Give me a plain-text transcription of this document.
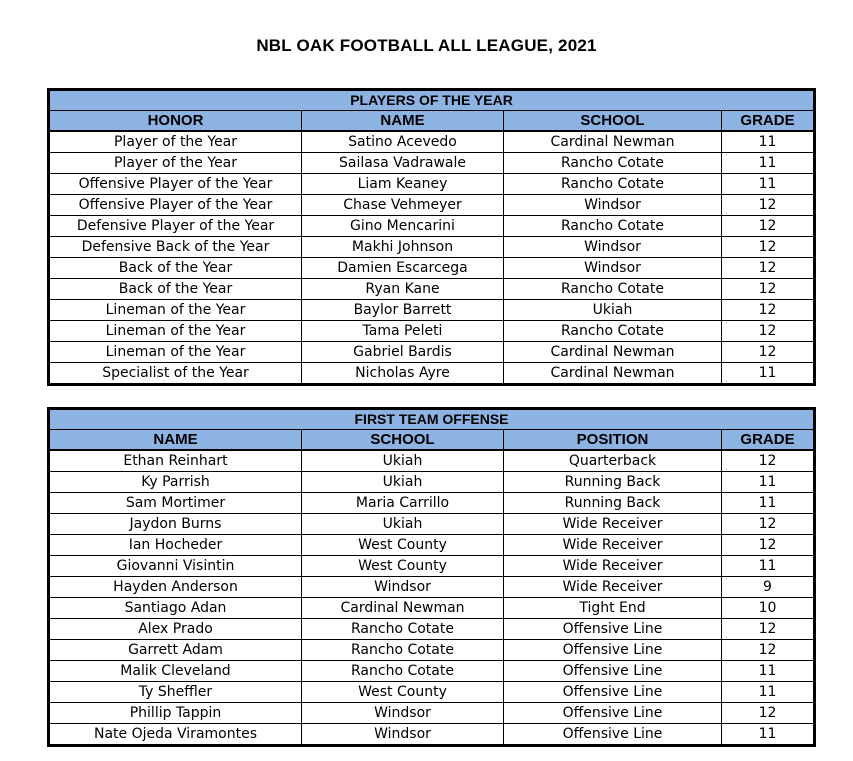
NBL OAK FOOTBALL ALL LEAGUE, 2021
PLAYERS OF THE YEAR			
HONOR	NAME	SCHOOL	GRADE
Player of the Year	Satino Acevedo	Cardinal Newman	11
Player of the Year	Sailasa Vadrawale	Rancho Cotate	11
Offensive Player of the Year	Liam Keaney	Rancho Cotate	11
Offensive Player of the Year	Chase Vehmeyer	Windsor	12
Defensive Player of the Year	Gino Mencarini	Rancho Cotate	12
Defensive Back of the Year	Makhi Johnson	Windsor	12
Back of the Year	Damien Escarcega	Windsor	12
Back of the Year	Ryan Kane	Rancho Cotate	12
Lineman of the Year	Baylor Barrett	Ukiah	12
Lineman of the Year	Tama Peleti	Rancho Cotate	12
Lineman of the Year	Gabriel Bardis	Cardinal Newman	12
Specialist of the Year	Nicholas Ayre	Cardinal Newman	11
FIRST TEAM OFFENSE			
NAME	SCHOOL	POSITION	GRADE
Ethan Reinhart	Ukiah	Quarterback	12
Ky Parrish	Ukiah	Running Back	11
Sam Mortimer	Maria Carrillo	Running Back	11
Jaydon Burns	Ukiah	Wide Receiver	12
Ian Hocheder	West County	Wide Receiver	12
Giovanni Visintin	West County	Wide Receiver	11
Hayden Anderson	Windsor	Wide Receiver	9
Santiago Adan	Cardinal Newman	Tight End	10
Alex Prado	Rancho Cotate	Offensive Line	12
Garrett Adam	Rancho Cotate	Offensive Line	12
Malik Cleveland	Rancho Cotate	Offensive Line	11
Ty Sheffler	West County	Offensive Line	11
Phillip Tappin	Windsor	Offensive Line	12
Nate Ojeda Viramontes	Windsor	Offensive Line	11
